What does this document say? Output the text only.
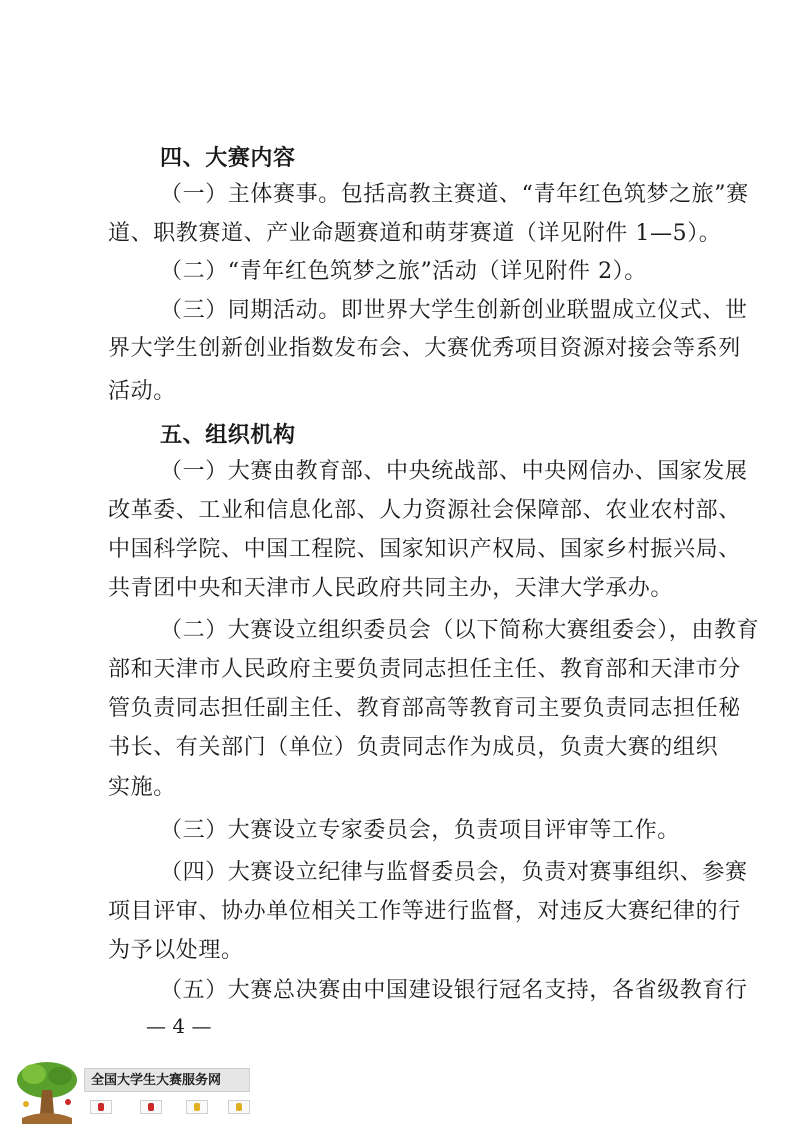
四、大赛内容
（一）主体赛事。包括高教主赛道、“青年红色筑梦之旅”赛
道、职教赛道、产业命题赛道和萌芽赛道（详见附件 1—5）。
（二）“青年红色筑梦之旅”活动（详见附件 2）。
（三）同期活动。即世界大学生创新创业联盟成立仪式、世
界大学生创新创业指数发布会、大赛优秀项目资源对接会等系列
活动。
五、组织机构
（一）大赛由教育部、中央统战部、中央网信办、国家发展
改革委、工业和信息化部、人力资源社会保障部、农业农村部、
中国科学院、中国工程院、国家知识产权局、国家乡村振兴局、
共青团中央和天津市人民政府共同主办，天津大学承办。
（二）大赛设立组织委员会（以下简称大赛组委会），由教育
部和天津市人民政府主要负责同志担任主任、教育部和天津市分
管负责同志担任副主任、教育部高等教育司主要负责同志担任秘
书长、有关部门（单位）负责同志作为成员，负责大赛的组织
实施。
（三）大赛设立专家委员会，负责项目评审等工作。
（四）大赛设立纪律与监督委员会，负责对赛事组织、参赛
项目评审、协办单位相关工作等进行监督，对违反大赛纪律的行
为予以处理。
（五）大赛总决赛由中国建设银行冠名支持，各省级教育行
— 4 —
全国大学生大赛服务网
